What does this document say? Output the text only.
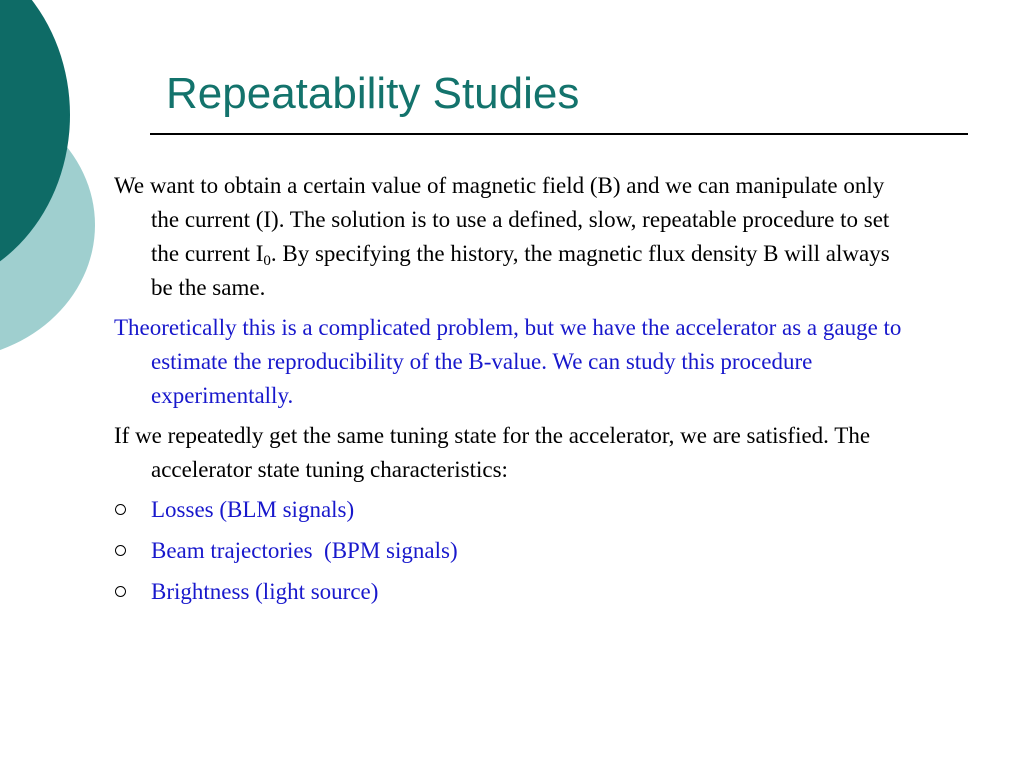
Repeatability Studies

We want to obtain a certain value of magnetic field (B) and we can manipulate only the current (I). The solution is to use a defined, slow, repeatable procedure to set the current $I_0$. By specifying the history, the magnetic flux density B will always be the same.

Theoretically this is a complicated problem, but we have the accelerator as a gauge to estimate the reproducibility of the B-value. We can study this procedure experimentally.

If we repeatedly get the same tuning state for the accelerator, we are satisfied. The accelerator state tuning characteristics:

Losses (BLM signals)
Beam trajectories  (BPM signals)
Brightness (light source)
